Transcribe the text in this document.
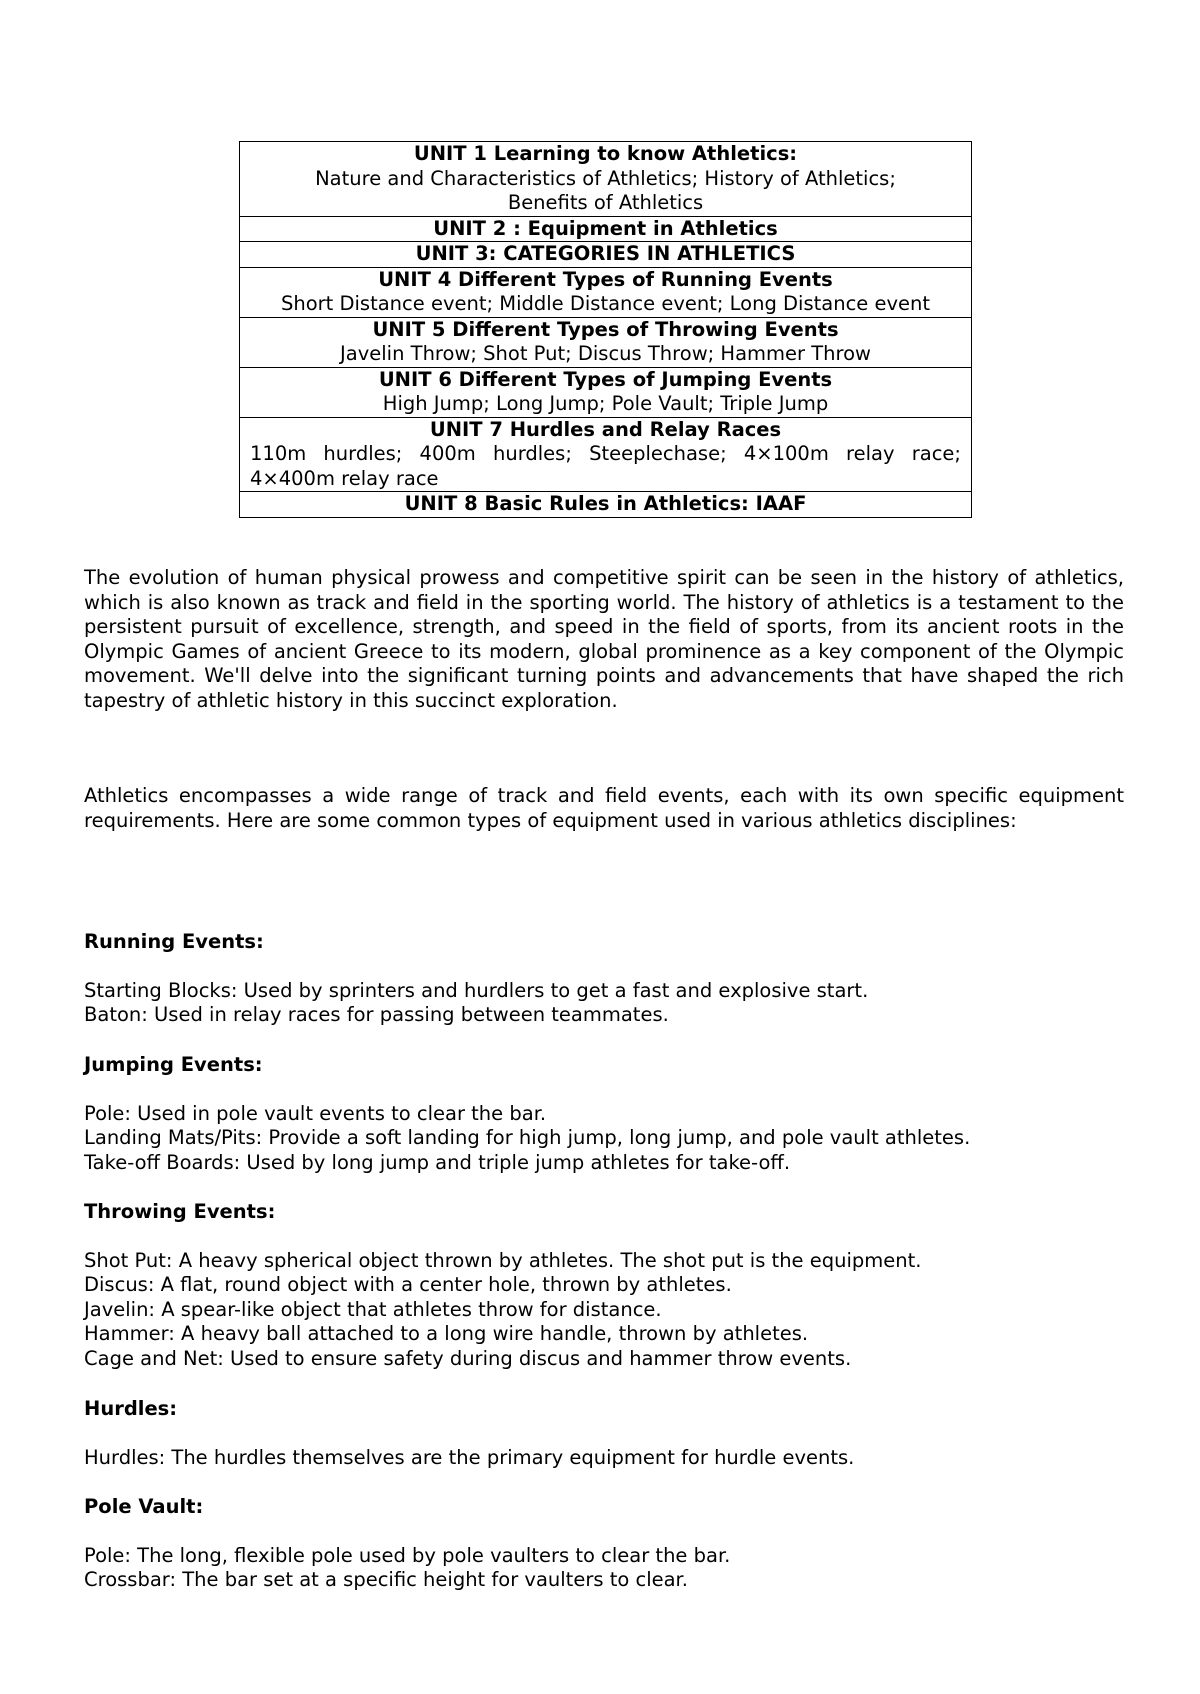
UNIT 1 Learning to know Athletics:
Nature and Characteristics of Athletics; History of Athletics; Benefits of Athletics

UNIT 2 : Equipment in Athletics

UNIT 3: CATEGORIES IN ATHLETICS

UNIT 4 Different Types of Running Events
Short Distance event; Middle Distance event; Long Distance event

UNIT 5 Different Types of Throwing Events
Javelin Throw; Shot Put; Discus Throw; Hammer Throw

UNIT 6 Different Types of Jumping Events
High Jump; Long Jump; Pole Vault; Triple Jump

UNIT 7 Hurdles and Relay Races
110m hurdles; 400m hurdles; Steeplechase; 4×100m relay race; 4×400m relay race

UNIT 8 Basic Rules in Athletics: IAAF

The evolution of human physical prowess and competitive spirit can be seen in the history of athletics, which is also known as track and field in the sporting world. The history of athletics is a testament to the persistent pursuit of excellence, strength, and speed in the field of sports, from its ancient roots in the Olympic Games of ancient Greece to its modern, global prominence as a key component of the Olympic movement. We'll delve into the significant turning points and advancements that have shaped the rich tapestry of athletic history in this succinct exploration.

Athletics encompasses a wide range of track and field events, each with its own specific equipment requirements. Here are some common types of equipment used in various athletics disciplines:

Running Events:
Starting Blocks: Used by sprinters and hurdlers to get a fast and explosive start.
Baton: Used in relay races for passing between teammates.
Jumping Events:
Pole: Used in pole vault events to clear the bar.
Landing Mats/Pits: Provide a soft landing for high jump, long jump, and pole vault athletes.
Take-off Boards: Used by long jump and triple jump athletes for take-off.
Throwing Events:
Shot Put: A heavy spherical object thrown by athletes. The shot put is the equipment.
Discus: A flat, round object with a center hole, thrown by athletes.
Javelin: A spear-like object that athletes throw for distance.
Hammer: A heavy ball attached to a long wire handle, thrown by athletes.
Cage and Net: Used to ensure safety during discus and hammer throw events.
Hurdles:
Hurdles: The hurdles themselves are the primary equipment for hurdle events.
Pole Vault:
Pole: The long, flexible pole used by pole vaulters to clear the bar.
Crossbar: The bar set at a specific height for vaulters to clear.
